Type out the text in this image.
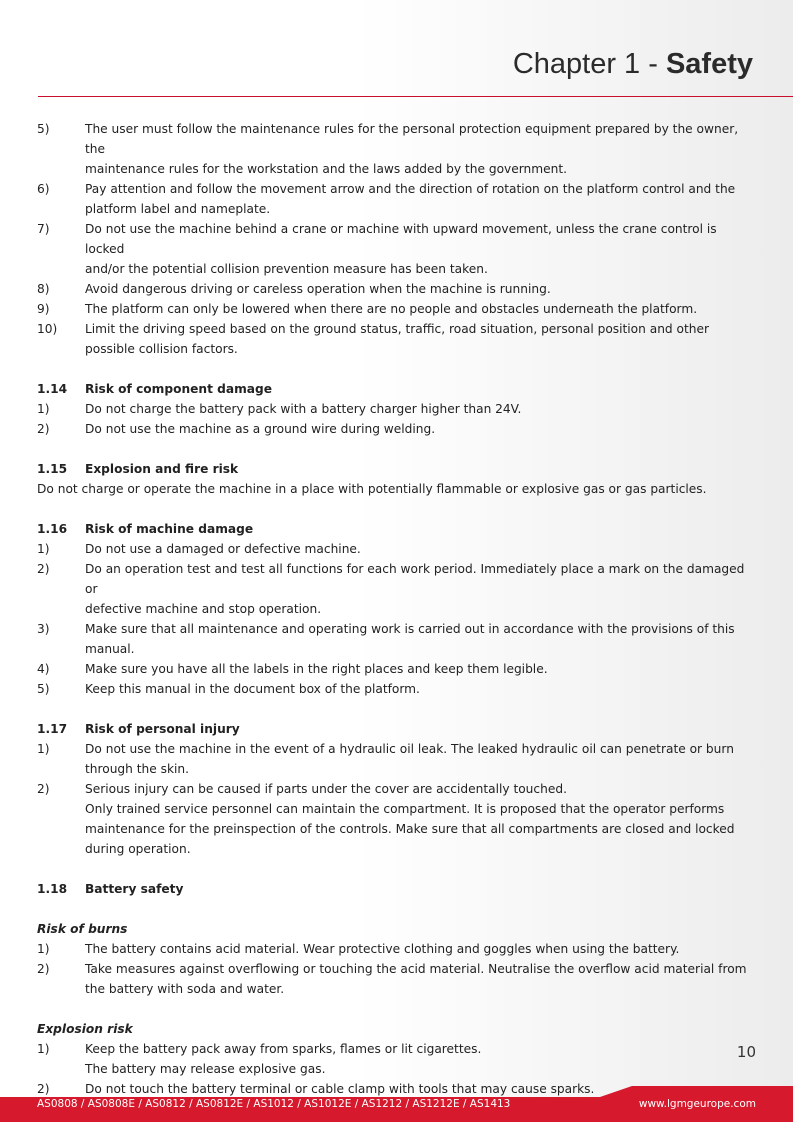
Chapter 1 - Safety
5)	The user must follow the maintenance rules for the personal protection equipment prepared by the owner, the
maintenance rules for the workstation and the laws added by the government.
6)	Pay attention and follow the movement arrow and the direction of rotation on the platform control and the
platform label and nameplate.
7)	Do not use the machine behind a crane or machine with upward movement, unless the crane control is locked
and/or the potential collision prevention measure has been taken.
8)	Avoid dangerous driving or careless operation when the machine is running.
9)	The platform can only be lowered when there are no people and obstacles underneath the platform.
10)	Limit the driving speed based on the ground status, traffic, road situation, personal position and other
possible collision factors.
1.14	Risk of component damage
1)	Do not charge the battery pack with a battery charger higher than 24V.
2)	Do not use the machine as a ground wire during welding.
1.15	Explosion and fire risk
Do not charge or operate the machine in a place with potentially flammable or explosive gas or gas particles.
1.16	Risk of machine damage
1)	Do not use a damaged or defective machine.
2)	Do an operation test and test all functions for each work period. Immediately place a mark on the damaged or
defective machine and stop operation.
3)	Make sure that all maintenance and operating work is carried out in accordance with the provisions of this manual.
4)	Make sure you have all the labels in the right places and keep them legible.
5)	Keep this manual in the document box of the platform.
1.17	Risk of personal injury
1)	Do not use the machine in the event of a hydraulic oil leak. The leaked hydraulic oil can penetrate or burn
through the skin.
2)	Serious injury can be caused if parts under the cover are accidentally touched.
Only trained service personnel can maintain the compartment. It is proposed that the operator performs
maintenance for the preinspection of the controls. Make sure that all compartments are closed and locked
during operation.
1.18	Battery safety
Risk of burns
1)	The battery contains acid material. Wear protective clothing and goggles when using the battery.
2)	Take measures against overflowing or touching the acid material. Neutralise the overflow acid material from
the battery with soda and water.
Explosion risk
1)	Keep the battery pack away from sparks, flames or lit cigarettes.
The battery may release explosive gas.
2)	Do not touch the battery terminal or cable clamp with tools that may cause sparks.
10
AS0808 / AS0808E / AS0812 / AS0812E / AS1012 / AS1012E / AS1212 / AS1212E / AS1413	www.lgmgeurope.com
